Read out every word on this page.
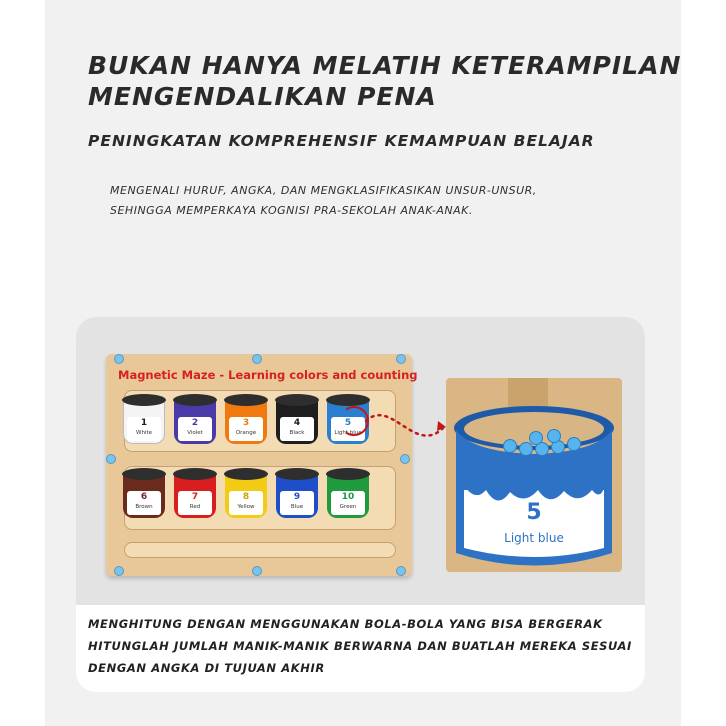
BUKAN HANYA MELATIH KETERAMPILAN
MENGENDALIKAN PENA
PENINGKATAN KOMPREHENSIF KEMAMPUAN BELAJAR
MENGENALI HURUF, ANGKA, DAN MENGKLASIFIKASIKAN UNSUR-UNSUR,
SEHINGGA MEMPERKAYA KOGNISI PRA-SEKOLAH ANAK-ANAK.
Magnetic Maze - Learning colors and counting
1
White
2
Violet
3
Orange
4
Black
5
Light blue
6
Brown
7
Red
8
Yellow
9
Blue
10
Green	5
Light blue
MENGHITUNG DENGAN MENGGUNAKAN BOLA-BOLA YANG BISA BERGERAK
HITUNGLAH JUMLAH MANIK-MANIK BERWARNA DAN BUATLAH MEREKA SESUAI
DENGAN ANGKA DI TUJUAN AKHIR
